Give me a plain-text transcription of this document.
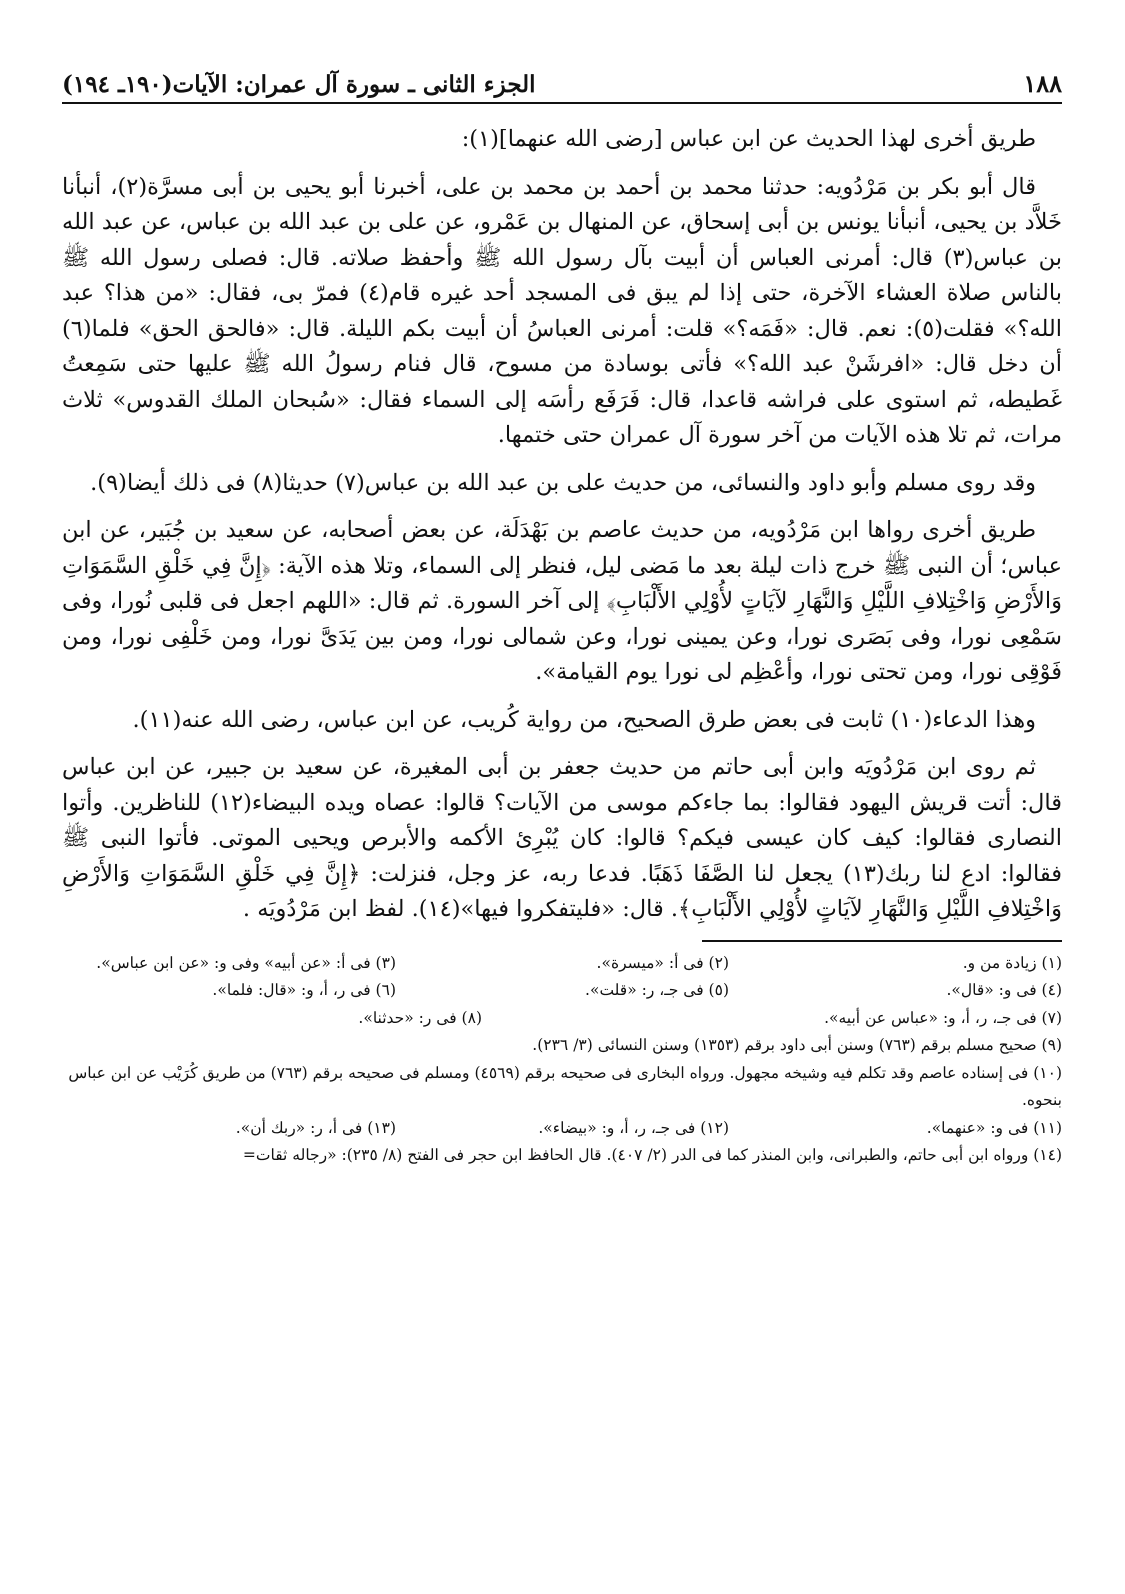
١٨٨
الجزء الثانى ـ سورة آل عمران: الآيات(١٩٠ـ ١٩٤)

طريق أخرى لهذا الحديث عن ابن عباس [رضى الله عنهما](١):

قال أبو بكر بن مَرْدُويه: حدثنا محمد بن أحمد بن محمد بن على، أخبرنا أبو يحيى بن أبى مسرَّة(٢)، أنبأنا خَلاَّد بن يحيى، أنبأنا يونس بن أبى إسحاق، عن المنهال بن عَمْرو، عن على بن عبد الله بن عباس، عن عبد الله بن عباس(٣) قال: أمرنى العباس أن أبيت بآل رسول الله ﷺ وأحفظ صلاته. قال: فصلى رسول الله ﷺ بالناس صلاة العشاء الآخرة، حتى إذا لم يبق فى المسجد أحد غيره قام(٤) فمرّ بى، فقال: «من هذا؟ عبد الله؟» فقلت(٥): نعم. قال: «فَمَه؟» قلت: أمرنى العباسُ أن أبيت بكم الليلة. قال: «فالحق الحق» فلما(٦) أن دخل قال: «افرشَنْ عبد الله؟» فأتى بوسادة من مسوح، قال فنام رسولُ الله ﷺ عليها حتى سَمِعتُ غَطيطه، ثم استوى على فراشه قاعدا، قال: فَرَفَع رأسَه إلى السماء فقال: «سُبحان الملك القدوس» ثلاث مرات، ثم تلا هذه الآيات من آخر سورة آل عمران حتى ختمها.

وقد روى مسلم وأبو داود والنسائى، من حديث على بن عبد الله بن عباس(٧) حديثا(٨) فى ذلك أيضا(٩).

طريق أخرى رواها ابن مَرْدُويه، من حديث عاصم بن بَهْدَلَة، عن بعض أصحابه، عن سعيد بن جُبَير، عن ابن عباس؛ أن النبى ﷺ خرج ذات ليلة بعد ما مَضى ليل، فنظر إلى السماء، وتلا هذه الآية: ﴿إِنَّ فِي خَلْقِ السَّمَوَاتِ وَالأَرْضِ وَاخْتِلافِ اللَّيْلِ وَالنَّهَارِ لآيَاتٍ لأُوْلِي الأَلْبَابِ﴾ إلى آخر السورة. ثم قال: «اللهم اجعل فى قلبى نُورا، وفى سَمْعِى نورا، وفى بَصَرى نورا، وعن يمينى نورا، وعن شمالى نورا، ومن بين يَدَىَّ نورا، ومن خَلْفِى نورا، ومن فَوْقِى نورا، ومن تحتى نورا، وأعْظِم لى نورا يوم القيامة».

وهذا الدعاء(١٠) ثابت فى بعض طرق الصحيح، من رواية كُريب، عن ابن عباس، رضى الله عنه(١١).

ثم روى ابن مَرْدُويَه وابن أبى حاتم من حديث جعفر بن أبى المغيرة، عن سعيد بن جبير، عن ابن عباس قال: أتت قريش اليهود فقالوا: بما جاءكم موسى من الآيات؟ قالوا: عصاه ويده البيضاء(١٢) للناظرين. وأتوا النصارى فقالوا: كيف كان عيسى فيكم؟ قالوا: كان يُبْرِئ الأكمه والأبرص ويحيى الموتى. فأتوا النبى ﷺ فقالوا: ادع لنا ربك(١٣) يجعل لنا الصَّفَا ذَهَبًا. فدعا ربه، عز وجل، فنزلت: ﴿إِنَّ فِي خَلْقِ السَّمَوَاتِ وَالأَرْضِ وَاخْتِلافِ اللَّيْلِ وَالنَّهَارِ لآيَاتٍ لأُوْلِي الأَلْبَابِ﴾. قال: «فليتفكروا فيها»(١٤). لفظ ابن مَرْدُويَه .

(١) زيادة من و.
(٢) فى أ: «ميسرة».
(٣) فى أ: «عن أبيه» وفى و: «عن ابن عباس».
(٤) فى و: «قال».
(٥) فى جـ، ر: «قلت».
(٦) فى ر، أ، و: «قال: فلما».
(٧) فى جـ، ر، أ، و: «عباس عن أبيه».
(٨) فى ر: «حدثنا».
(٩) صحيح مسلم برقم (٧٦٣) وسنن أبى داود برقم (١٣٥٣) وسنن النسائى (٣/ ٢٣٦).
(١٠) فى إسناده عاصم وقد تكلم فيه وشيخه مجهول. ورواه البخارى فى صحيحه برقم (٤٥٦٩) ومسلم فى صحيحه برقم (٧٦٣) من طريق كُرَيْب عن ابن عباس بنحوه.
(١١) فى و: «عنهما».
(١٢) فى جـ، ر، أ، و: «بيضاء».
(١٣) فى أ، ر: «ربك أن».
(١٤) ورواه ابن أبى حاتم، والطبرانى، وابن المنذر كما فى الدر (٢/ ٤٠٧). قال الحافظ ابن حجر فى الفتح (٨/ ٢٣٥): «رجاله ثقات=
